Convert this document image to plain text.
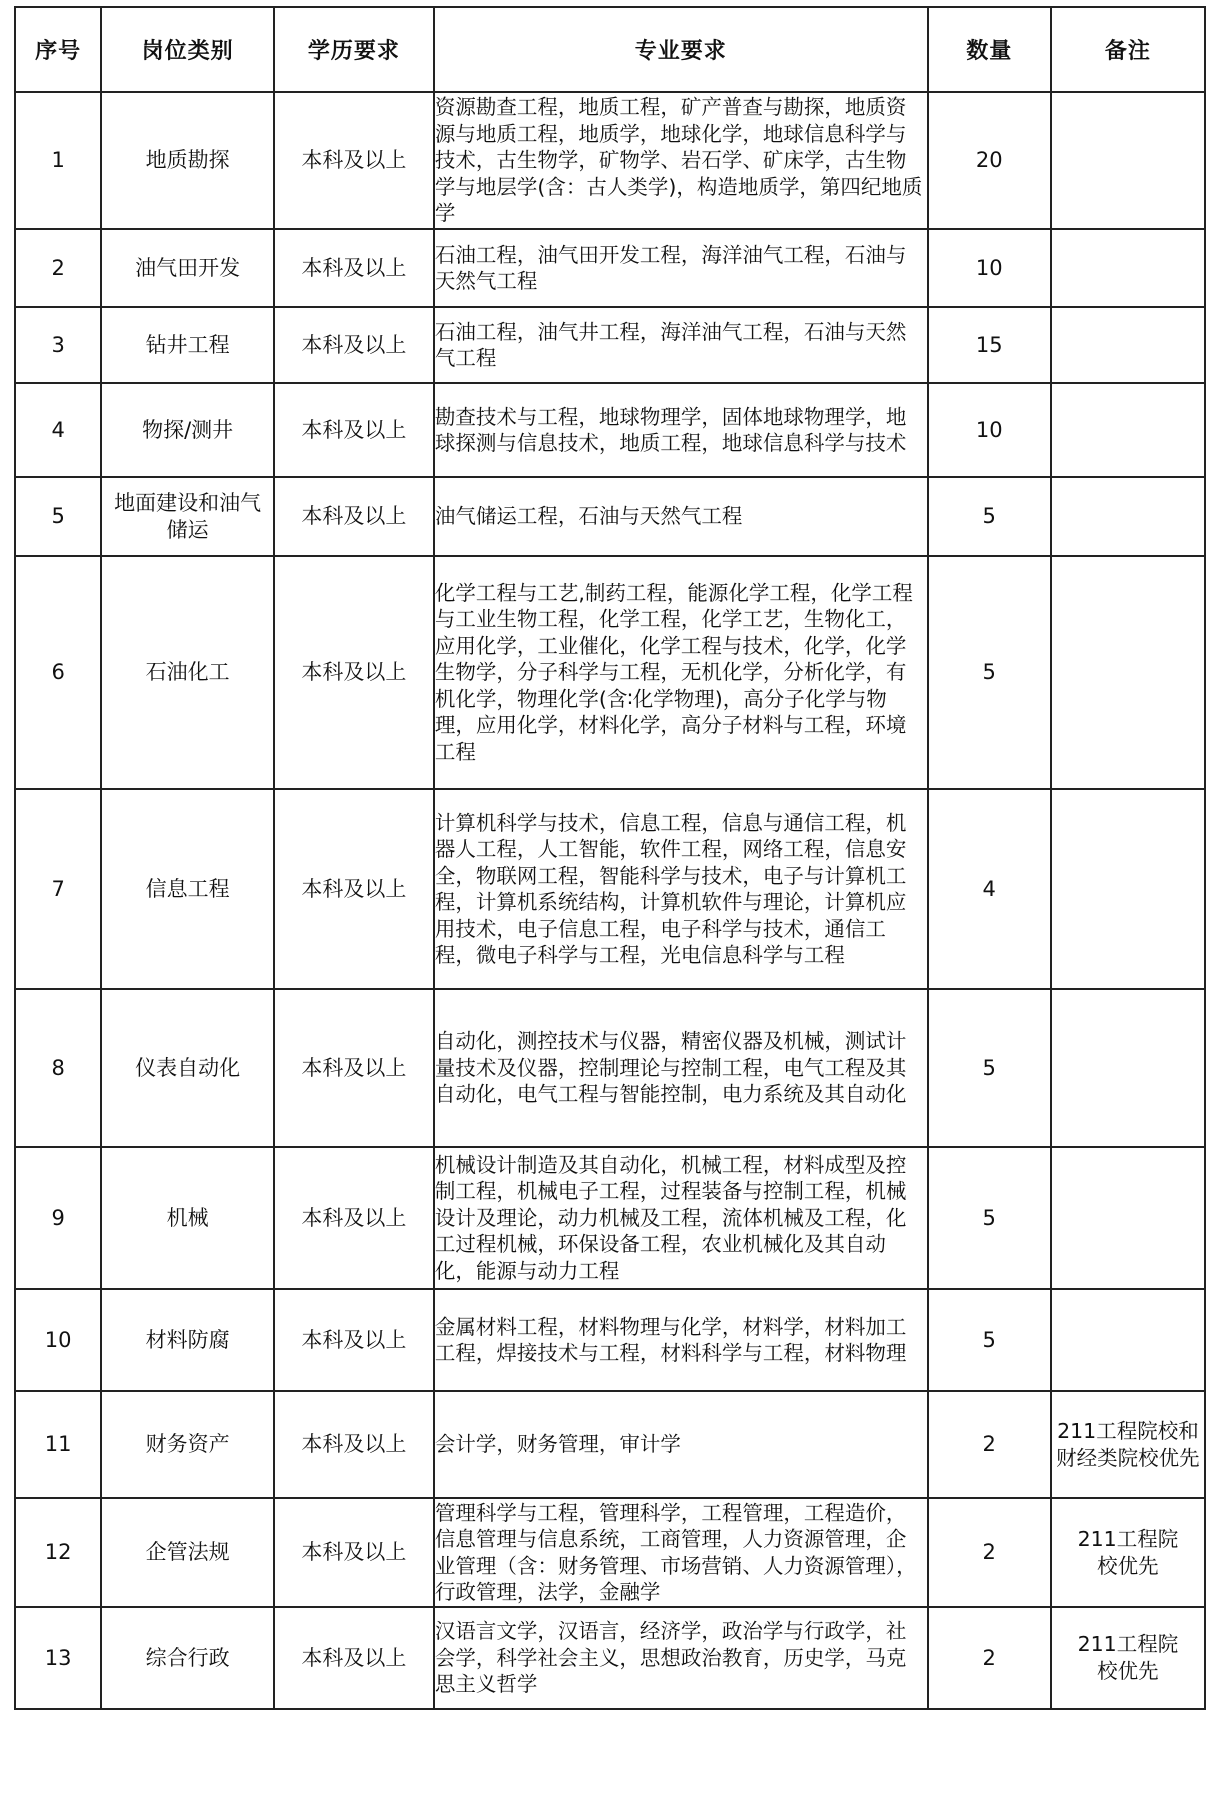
序号	岗位类别	学历要求	专业要求	数量	备注
1	地质勘探	本科及以上	资源勘查工程，地质工程，矿产普查与勘探，地质资源与地质工程，地质学，地球化学，地球信息科学与技术，古生物学，矿物学、岩石学、矿床学，古生物学与地层学(含：古人类学)，构造地质学，第四纪地质学	20	
2	油气田开发	本科及以上	石油工程，油气田开发工程，海洋油气工程，石油与天然气工程	10	
3	钻井工程	本科及以上	石油工程，油气井工程，海洋油气工程，石油与天然气工程	15	
4	物探/测井	本科及以上	勘查技术与工程，地球物理学，固体地球物理学，地球探测与信息技术，地质工程，地球信息科学与技术	10	
5	地面建设和油气储运	本科及以上	油气储运工程，石油与天然气工程	5	
6	石油化工	本科及以上	化学工程与工艺,制药工程，能源化学工程，化学工程与工业生物工程，化学工程，化学工艺，生物化工，应用化学，工业催化，化学工程与技术，化学，化学生物学，分子科学与工程，无机化学，分析化学，有机化学，物理化学(含∶化学物理)，高分子化学与物理，应用化学，材料化学，高分子材料与工程，环境工程	5	
7	信息工程	本科及以上	计算机科学与技术，信息工程，信息与通信工程，机器人工程，人工智能，软件工程，网络工程，信息安全，物联网工程，智能科学与技术，电子与计算机工程，计算机系统结构，计算机软件与理论，计算机应用技术，电子信息工程，电子科学与技术，通信工程，微电子科学与工程，光电信息科学与工程	4	
8	仪表自动化	本科及以上	自动化，测控技术与仪器，精密仪器及机械，测试计量技术及仪器，控制理论与控制工程，电气工程及其自动化，电气工程与智能控制，电力系统及其自动化	5	
9	机械	本科及以上	机械设计制造及其自动化，机械工程，材料成型及控制工程，机械电子工程，过程装备与控制工程，机械设计及理论，动力机械及工程，流体机械及工程，化工过程机械，环保设备工程，农业机械化及其自动化，能源与动力工程	5	
10	材料防腐	本科及以上	金属材料工程，材料物理与化学，材料学，材料加工工程，焊接技术与工程，材料科学与工程，材料物理	5	
11	财务资产	本科及以上	会计学，财务管理，审计学	2	211工程院校和财经类院校优先
12	企管法规	本科及以上	管理科学与工程，管理科学，工程管理，工程造价，信息管理与信息系统，工商管理，人力资源管理，企业管理（含：财务管理、市场营销、人力资源管理），行政管理，法学，金融学	2	211工程院校优先
13	综合行政	本科及以上	汉语言文学，汉语言，经济学，政治学与行政学，社会学，科学社会主义，思想政治教育，历史学，马克思主义哲学	2	211工程院校优先
